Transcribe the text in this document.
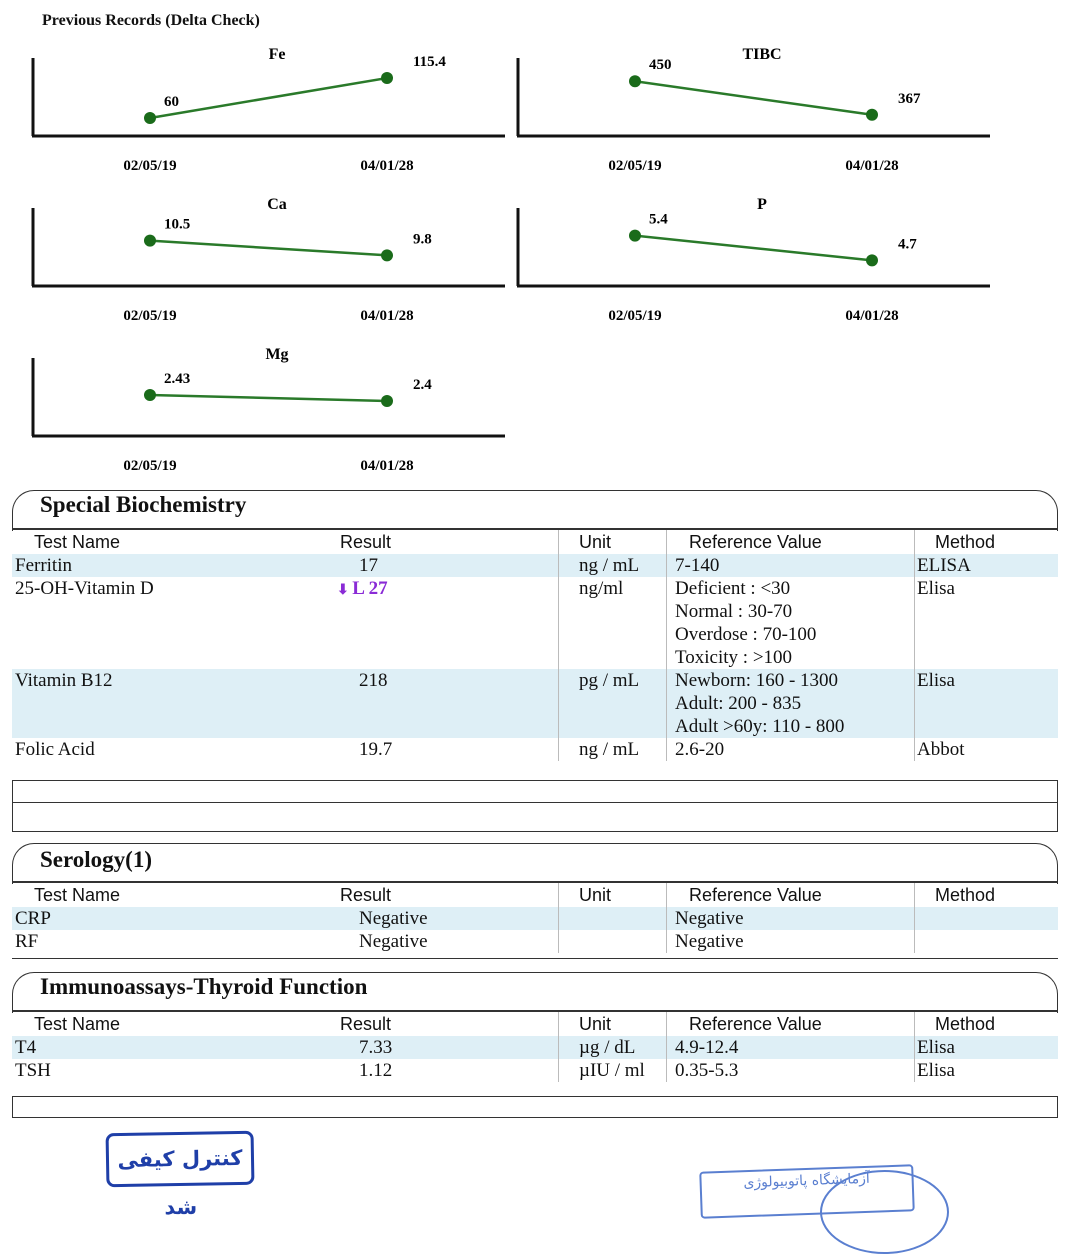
Previous Records (Delta Check)
Fe
60
02/05/19
115.4
04/01/28
TIBC
450
02/05/19
367
04/01/28
Ca
10.5
02/05/19
9.8
04/01/28
P
5.4
02/05/19
4.7
04/01/28
Mg
2.43
02/05/19
2.4
04/01/28
Special Biochemistry
Test Name	Result	Unit	Reference Value	Method
Ferritin	17	ng / mL	7-140	ELISA
25-OH-Vitamin D	⬇ L 27	ng/ml	Deficient : <30
Normal : 30-70
Overdose : 70-100
Toxicity : >100	Elisa
Vitamin B12	218	pg / mL	Newborn: 160 - 1300
Adult: 200 - 835
Adult >60y: 110 - 800	Elisa
Folic Acid	19.7	ng / mL	2.6-20	Abbot
Serology(1)
Test Name	Result	Unit	Reference Value	Method
CRP	Negative		Negative	

RF	Negative		Negative	

Immunoassays-Thyroid Function
Test Name	Result	Unit	Reference Value	Method
T4	7.33	µg / dL	4.9-12.4	Elisa
TSH	1.12	µIU / ml	0.35-5.3	Elisa
کنترل کیفی شد
آزمایشگاه پاتوبیولوژی
